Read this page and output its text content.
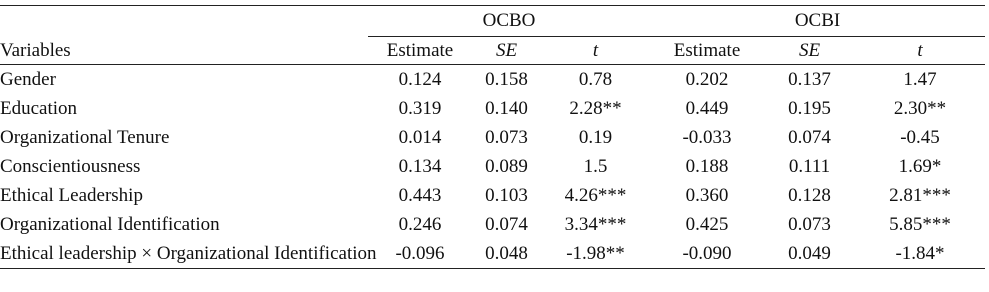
	OCBO			OCBI		
Variables	Estimate	SE	t	Estimate	SE	t
Gender	0.124	0.158	0.78	0.202	0.137	1.47
Education	0.319	0.140	2.28**	0.449	0.195	2.30**
Organizational Tenure	0.014	0.073	0.19	-0.033	0.074	-0.45
Conscientiousness	0.134	0.089	1.5	0.188	0.111	1.69*
Ethical Leadership	0.443	0.103	4.26***	0.360	0.128	2.81***
Organizational Identification	0.246	0.074	3.34***	0.425	0.073	5.85***
Ethical leadership × Organizational Identification	-0.096	0.048	-1.98**	-0.090	0.049	-1.84*
